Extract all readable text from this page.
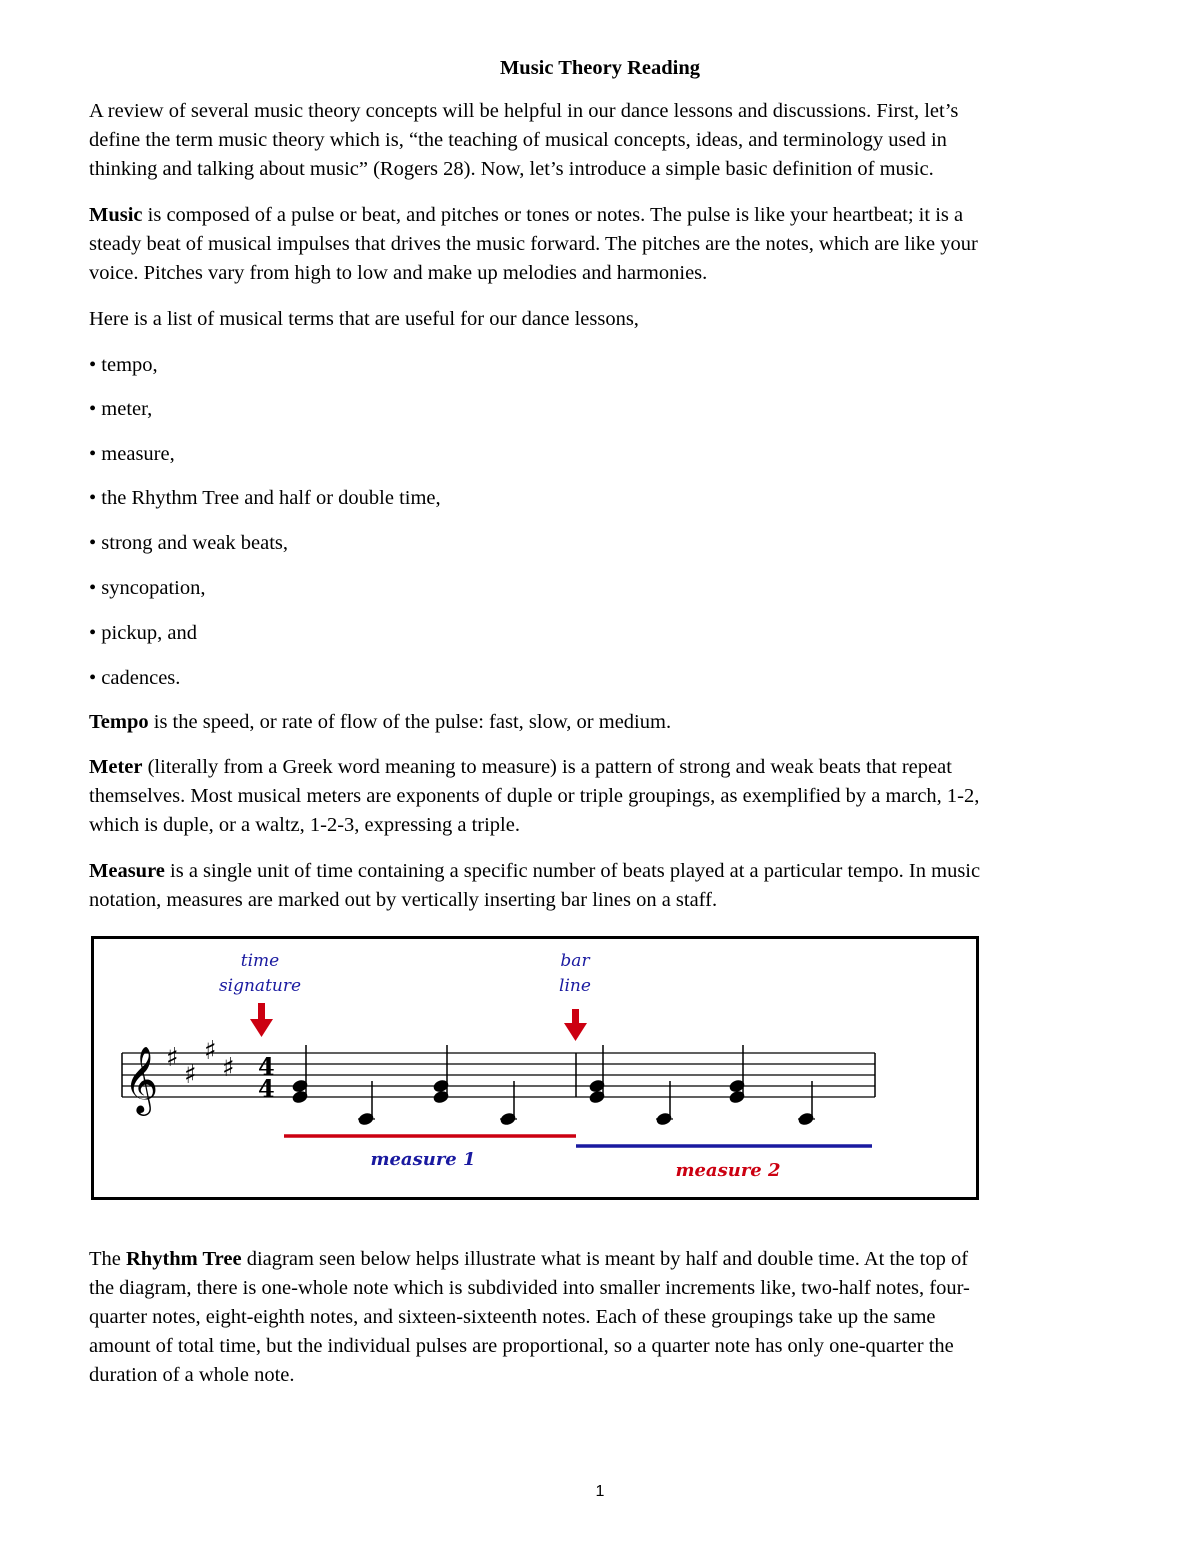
Music Theory Reading
A review of several music theory concepts will be helpful in our dance lessons and discussions. First, let’s
define the term music theory which is, “the teaching of musical concepts, ideas, and terminology used in
thinking and talking about music” (Rogers 28). Now, let’s introduce a simple basic definition of music.
Music is composed of a pulse or beat, and pitches or tones or notes. The pulse is like your heartbeat; it is a
steady beat of musical impulses that drives the music forward. The pitches are the notes, which are like your
voice. Pitches vary from high to low and make up melodies and harmonies.
Here is a list of musical terms that are useful for our dance lessons,
• tempo,
• meter,
• measure,
• the Rhythm Tree and half or double time,
• strong and weak beats,
• syncopation,
• pickup, and
• cadences.
Tempo is the speed, or rate of flow of the pulse: fast, slow, or medium.
Meter (literally from a Greek word meaning to measure) is a pattern of strong and weak beats that repeat
themselves. Most musical meters are exponents of duple or triple groupings, as exemplified by a march, 1-2,
which is duple, or a waltz, 1-2-3, expressing a triple.
Measure is a single unit of time containing a specific number of beats played at a particular tempo. In music
notation, measures are marked out by vertically inserting bar lines on a staff.
𝄞 ♯
♯
♯
♯ 4
4
time
signature
bar
line
measure 1
measure 2
The Rhythm Tree diagram seen below helps illustrate what is meant by half and double time. At the top of
the diagram, there is one-whole note which is subdivided into smaller increments like, two-half notes, four-
quarter notes, eight-eighth notes, and sixteen-sixteenth notes. Each of these groupings take up the same
amount of total time, but the individual pulses are proportional, so a quarter note has only one-quarter the
duration of a whole note.
1
